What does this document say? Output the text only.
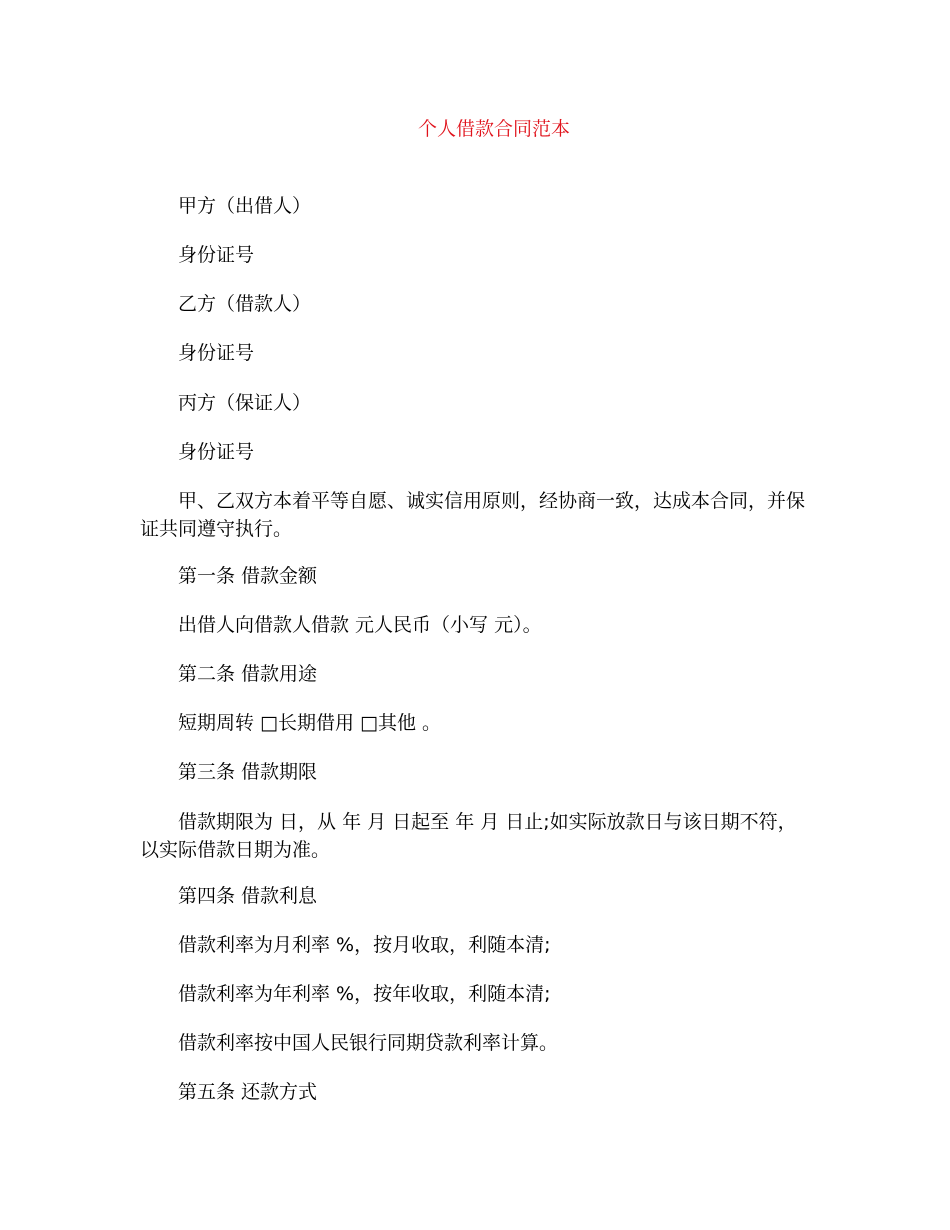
个人借款合同范本
甲方（出借人）
身份证号
乙方（借款人）
身份证号
丙方（保证人）
身份证号
甲、乙双方本着平等自愿、诚实信用原则，经协商一致，达成本合同，并保证共同遵守执行。
第一条 借款金额
出借人向借款人借款 元人民币（小写 元）。
第二条 借款用途
短期周转 □长期借用 □其他 。
第三条 借款期限
借款期限为 日，从 年 月 日起至 年 月 日止;如实际放款日与该日期不符，以实际借款日期为准。
第四条 借款利息
借款利率为月利率 %，按月收取，利随本清;
借款利率为年利率 %，按年收取，利随本清;
借款利率按中国人民银行同期贷款利率计算。
第五条 还款方式
